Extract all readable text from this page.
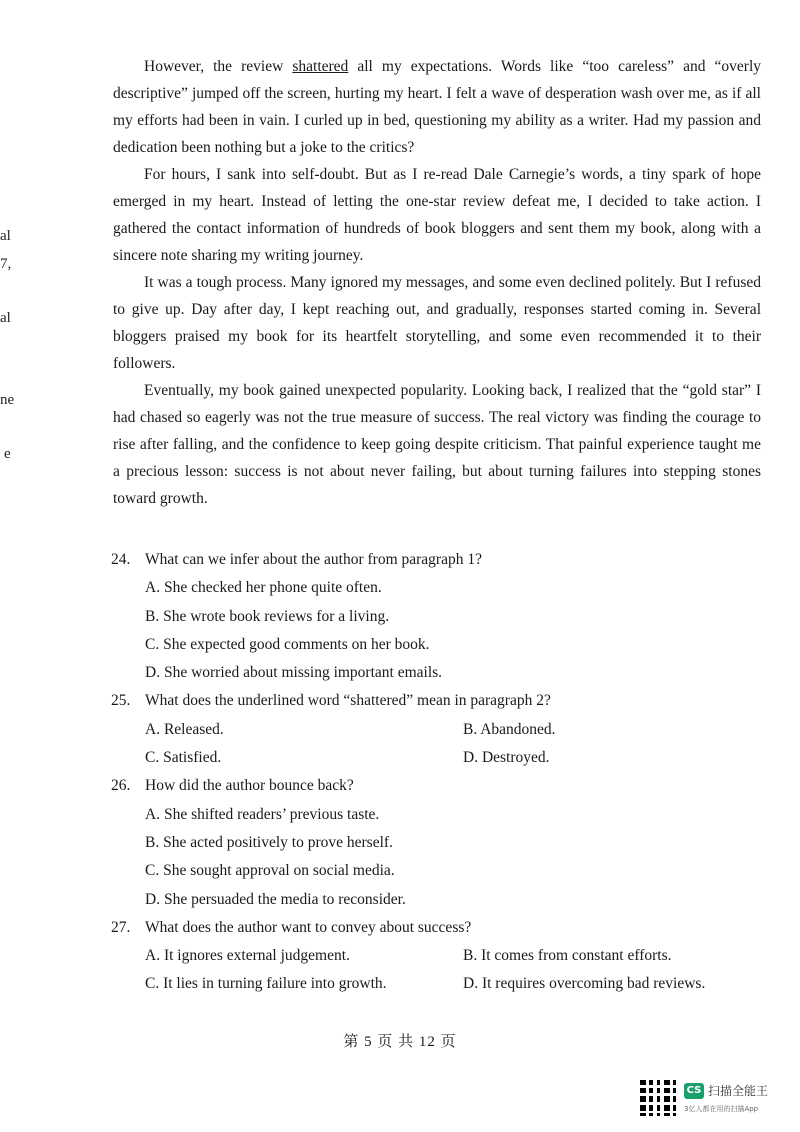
al
7,
al
ne
e

However, the review shattered all my expectations. Words like “too careless” and “overly descriptive” jumped off the screen, hurting my heart. I felt a wave of desperation wash over me, as if all my efforts had been in vain. I curled up in bed, questioning my ability as a writer. Had my passion and dedication been nothing but a joke to the critics?

For hours, I sank into self-doubt. But as I re-read Dale Carnegie’s words, a tiny spark of hope emerged in my heart. Instead of letting the one-star review defeat me, I decided to take action. I gathered the contact information of hundreds of book bloggers and sent them my book, along with a sincere note sharing my writing journey.

It was a tough process. Many ignored my messages, and some even declined politely. But I refused to give up. Day after day, I kept reaching out, and gradually, responses started coming in. Several bloggers praised my book for its heartfelt storytelling, and some even recommended it to their followers.

Eventually, my book gained unexpected popularity. Looking back, I realized that the “gold star” I had chased so eagerly was not the true measure of success. The real victory was finding the courage to rise after falling, and the confidence to keep going despite criticism. That painful experience taught me a precious lesson: success is not about never failing, but about turning failures into stepping stones toward growth.

24. What can we infer about the author from paragraph 1?
A. She checked her phone quite often.
B. She wrote book reviews for a living.
C. She expected good comments on her book.
D. She worried about missing important emails.
25. What does the underlined word “shattered” mean in paragraph 2?
A. Released.	B. Abandoned.
C. Satisfied.	D. Destroyed.
26. How did the author bounce back?
A. She shifted readers’ previous taste.
B. She acted positively to prove herself.
C. She sought approval on social media.
D. She persuaded the media to reconsider.
27. What does the author want to convey about success?
A. It ignores external judgement.	B. It comes from constant efforts.
C. It lies in turning failure into growth.	D. It requires overcoming bad reviews.
第 5 页 共 12 页
CS 扫描全能王
3亿人都在用的扫描App
